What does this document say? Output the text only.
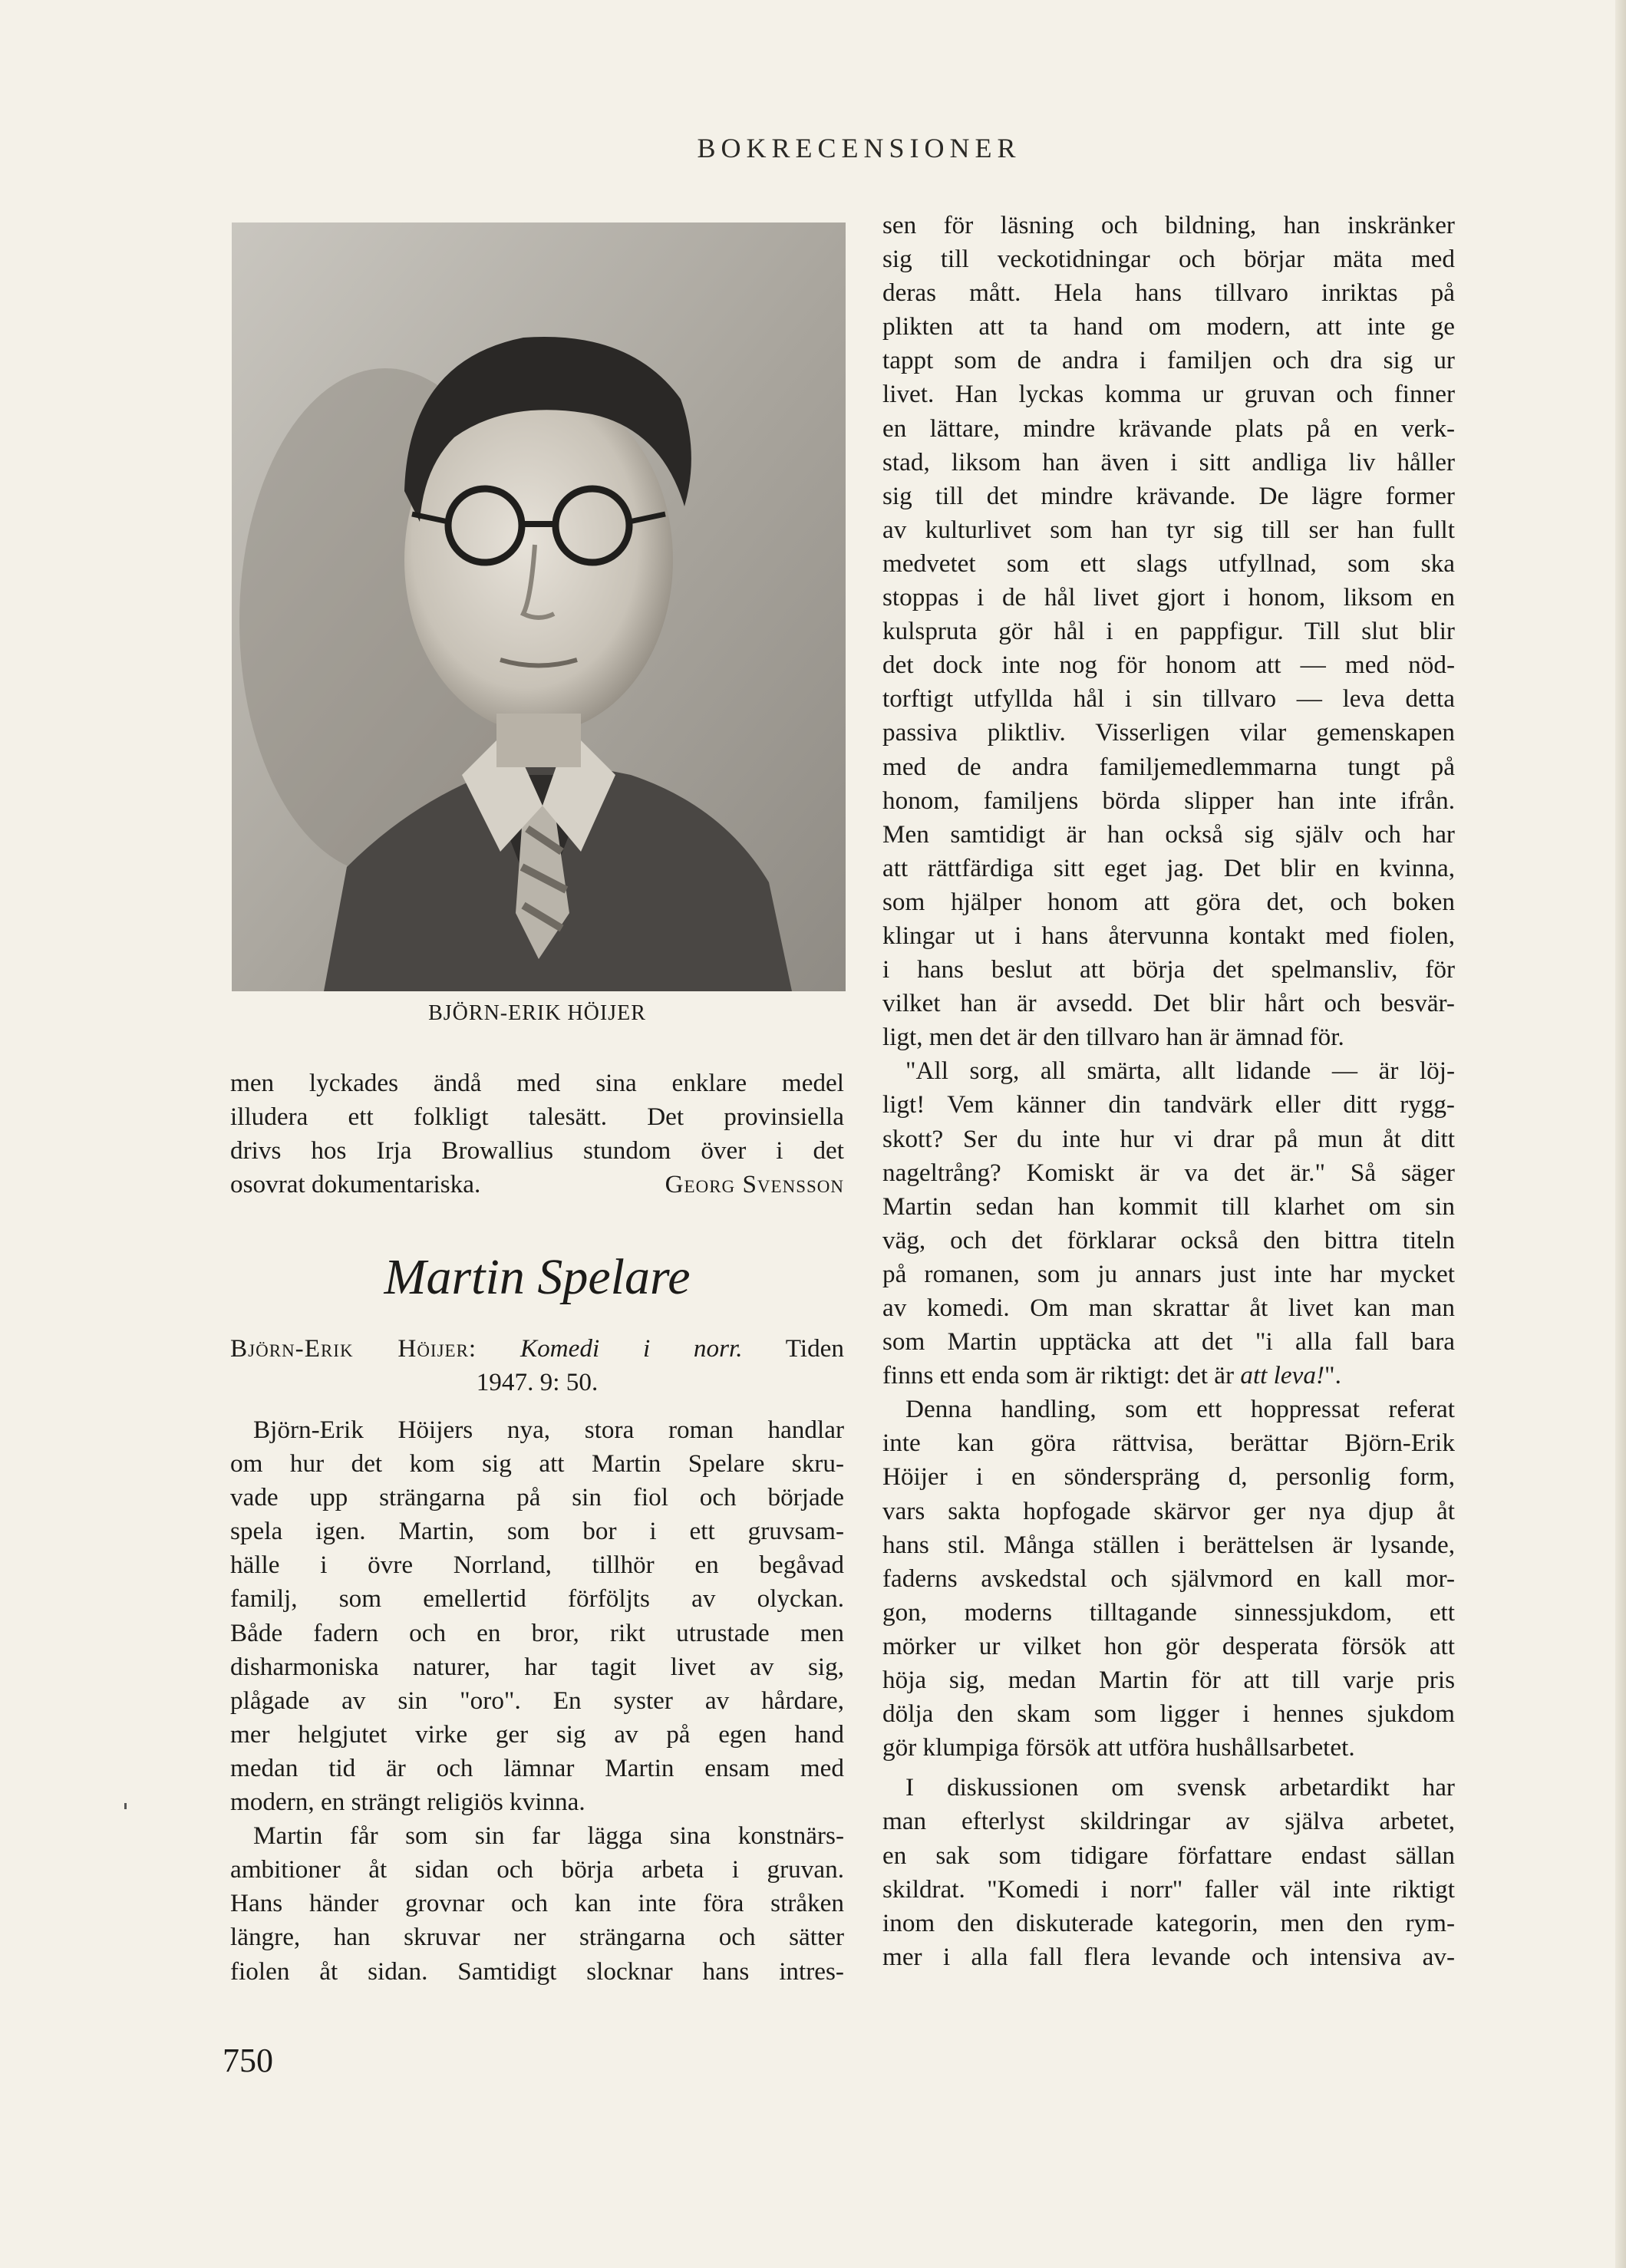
BOKRECENSIONER
BJÖRN-ERIK HÖIJER
men lyckades ändå med sina enklare medel
illudera ett folkligt talesätt. Det provinsiella
drivs hos Irja Browallius stundom över i det
osovrat dokumentariska.	Georg Svensson
Martin Spelare
Björn-Erik Höijer: Komedi i norr. Tiden
1947. 9: 50.
Björn-Erik Höijers nya, stora roman handlar
om hur det kom sig att Martin Spelare skru-
vade upp strängarna på sin fiol och började
spela igen. Martin, som bor i ett gruvsam-
hälle i övre Norrland, tillhör en begåvad
familj, som emellertid förföljts av olyckan.
Både fadern och en bror, rikt utrustade men
disharmoniska naturer, har tagit livet av sig,
plågade av sin "oro". En syster av hårdare,
mer helgjutet virke ger sig av på egen hand
medan tid är och lämnar Martin ensam med
modern, en strängt religiös kvinna.
Martin får som sin far lägga sina konstnärs-
ambitioner åt sidan och börja arbeta i gruvan.
Hans händer grovnar och kan inte föra stråken
längre, han skruvar ner strängarna och sätter
fiolen åt sidan. Samtidigt slocknar hans intres-
sen för läsning och bildning, han inskränker
sig till veckotidningar och börjar mäta med
deras mått. Hela hans tillvaro inriktas på
plikten att ta hand om modern, att inte ge
tappt som de andra i familjen och dra sig ur
livet. Han lyckas komma ur gruvan och finner
en lättare, mindre krävande plats på en verk-
stad, liksom han även i sitt andliga liv håller
sig till det mindre krävande. De lägre former
av kulturlivet som han tyr sig till ser han fullt
medvetet som ett slags utfyllnad, som ska
stoppas i de hål livet gjort i honom, liksom en
kulspruta gör hål i en pappfigur. Till slut blir
det dock inte nog för honom att — med nöd-
torftigt utfyllda hål i sin tillvaro — leva detta
passiva pliktliv. Visserligen vilar gemenskapen
med de andra familjemedlemmarna tungt på
honom, familjens börda slipper han inte ifrån.
Men samtidigt är han också sig själv och har
att rättfärdiga sitt eget jag. Det blir en kvinna,
som hjälper honom att göra det, och boken
klingar ut i hans återvunna kontakt med fiolen,
i hans beslut att börja det spelmansliv, för
vilket han är avsedd. Det blir hårt och besvär-
ligt, men det är den tillvaro han är ämnad för.
"All sorg, all smärta, allt lidande — är löj-
ligt! Vem känner din tandvärk eller ditt rygg-
skott? Ser du inte hur vi drar på mun åt ditt
nageltrång? Komiskt är va det är." Så säger
Martin sedan han kommit till klarhet om sin
väg, och det förklarar också den bittra titeln
på romanen, som ju annars just inte har mycket
av komedi. Om man skrattar åt livet kan man
som Martin upptäcka att det "i alla fall bara
finns ett enda som är riktigt: det är att leva!".
Denna handling, som ett hoppressat referat
inte kan göra rättvisa, berättar Björn-Erik
Höijer i en sönderspräng d, personlig form,
vars sakta hopfogade skärvor ger nya djup åt
hans stil. Många ställen i berättelsen är lysande,
faderns avskedstal och självmord en kall mor-
gon, moderns tilltagande sinnessjukdom, ett
mörker ur vilket hon gör desperata försök att
höja sig, medan Martin för att till varje pris
dölja den skam som ligger i hennes sjukdom
gör klumpiga försök att utföra hushållsarbetet.
I diskussionen om svensk arbetardikt har
man efterlyst skildringar av själva arbetet,
en sak som tidigare författare endast sällan
skildrat. "Komedi i norr" faller väl inte riktigt
inom den diskuterade kategorin, men den rym-
mer i alla fall flera levande och intensiva av-
750
